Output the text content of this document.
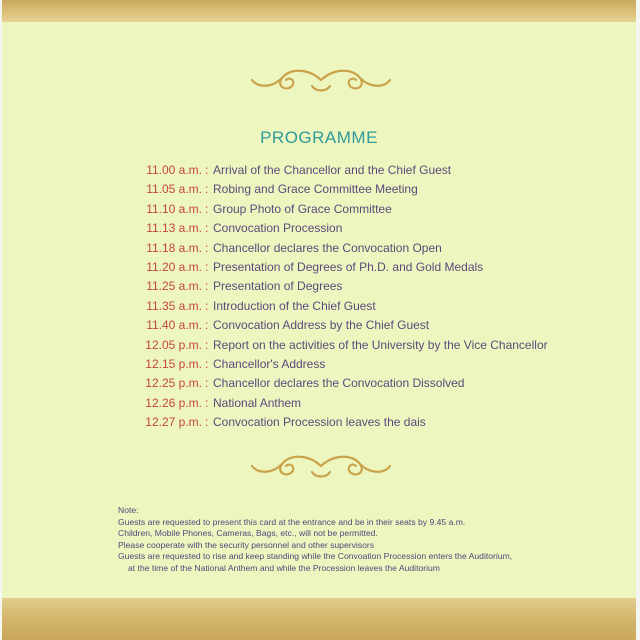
PROGRAMME
11.00 a.m. : Arrival of the Chancellor and the Chief Guest
11.05 a.m. : Robing and Grace Committee Meeting
11.10 a.m. : Group Photo of Grace Committee
11.13 a.m. : Convocation Procession
11.18 a.m. : Chancellor declares the Convocation Open
11.20 a.m. : Presentation of Degrees of Ph.D. and Gold Medals
11.25 a.m. : Presentation of Degrees
11.35 a.m. : Introduction of the Chief Guest
11.40 a.m. : Convocation Address by the Chief Guest
12.05 p.m. : Report on the activities of the University by the Vice Chancellor
12.15 p.m. : Chancellor's Address
12.25 p.m. : Chancellor declares the Convocation Dissolved
12.26 p.m. : National Anthem
12.27 p.m. : Convocation Procession leaves the dais
Note:
Guests are requested to present this card at the entrance and be in their seats by 9.45 a.m.
Children, Mobile Phones, Cameras, Bags, etc., will not be permitted.
Please cooperate with the security personnel and other supervisors
Guests are requested to rise and keep standing while the Convoation Procession enters the Auditorium,
at the time of the National Anthem and while the Procession leaves the Auditorium
